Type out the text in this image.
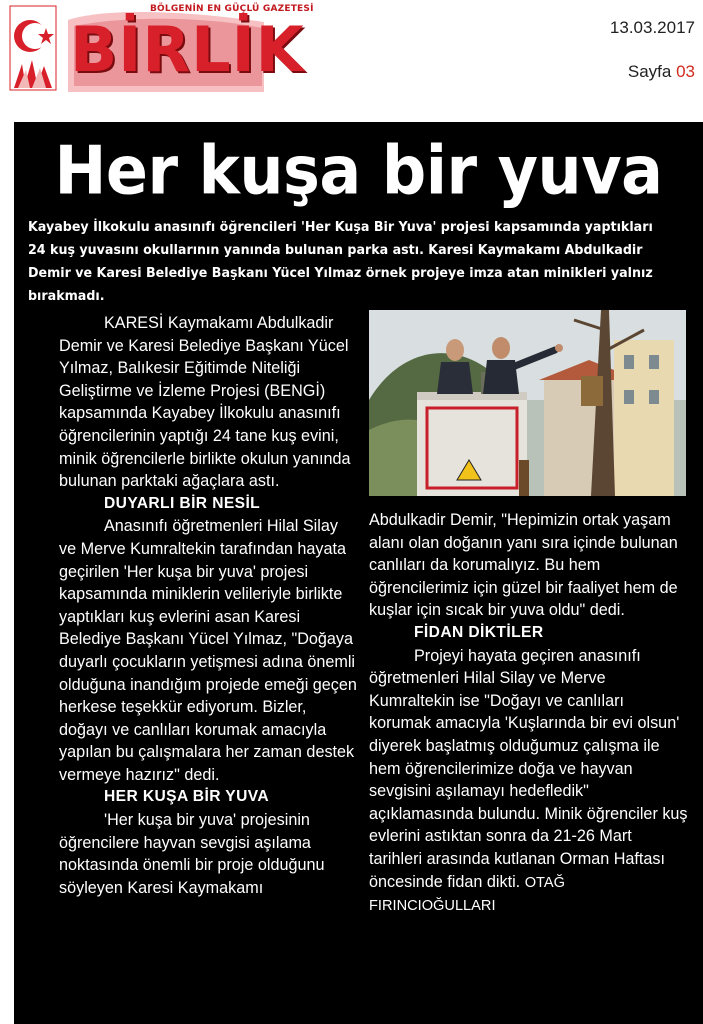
BÖLGENİN EN GÜÇLÜ GAZETESİ
BİRLİK	13.03.2017
Sayfa 03
Her kuşa bir yuva
Kayabey İlkokulu anasınıfı öğrencileri 'Her Kuşa Bir Yuva' projesi kapsamında yaptıkları 24 kuş yuvasını okullarının yanında bulunan parka astı. Karesi Kaymakamı Abdulkadir Demir ve Karesi Belediye Başkanı Yücel Yılmaz örnek projeye imza atan minikleri yalnız bırakmadı.

KARESİ Kaymakamı Abdulkadir Demir ve Karesi Belediye Başkanı Yücel Yılmaz, Balıkesir Eğitimde Niteliği Geliştirme ve İzleme Projesi (BENGİ) kapsamında Kayabey İlkokulu anasınıfı öğrencilerinin yaptığı 24 tane kuş evini, minik öğrencilerle birlikte okulun yanında bulunan parktaki ağaçlara astı.

DUYARLI BİR NESİL

Anasınıfı öğretmenleri Hilal Silay ve Merve Kumraltekin tarafından hayata geçirilen 'Her kuşa bir yuva' projesi kapsamında miniklerin velileriyle birlikte yaptıkları kuş evlerini asan Karesi Belediye Başkanı Yücel Yılmaz, "Doğaya duyarlı çocukların yetişmesi adına önemli olduğuna inandığım projede emeği geçen herkese teşekkür ediyorum. Bizler, doğayı ve canlıları korumak amacıyla yapılan bu çalışmalara her zaman destek vermeye hazırız" dedi.

HER KUŞA BİR YUVA

'Her kuşa bir yuva' projesinin öğrencilere hayvan sevgisi aşılama noktasında önemli bir proje olduğunu söyleyen Karesi Kaymakamı

Abdulkadir Demir, "Hepimizin ortak yaşam alanı olan doğanın yanı sıra içinde bulunan canlıları da korumalıyız. Bu hem öğrencilerimiz için güzel bir faaliyet hem de kuşlar için sıcak bir yuva oldu" dedi.

FİDAN DİKTİLER

Projeyi hayata geçiren anasınıfı öğretmenleri Hilal Silay ve Merve Kumraltekin ise "Doğayı ve canlıları korumak amacıyla 'Kuşlarında bir evi olsun' diyerek başlatmış olduğumuz çalışma ile hem öğrencilerimize doğa ve hayvan sevgisini aşılamayı hedefledik" açıklamasında bulundu. Minik öğrenciler kuş evlerini astıktan sonra da 21-26 Mart tarihleri arasında kutlanan Orman Haftası öncesinde fidan dikti. OTAĞ FIRINCIOĞULLARI
